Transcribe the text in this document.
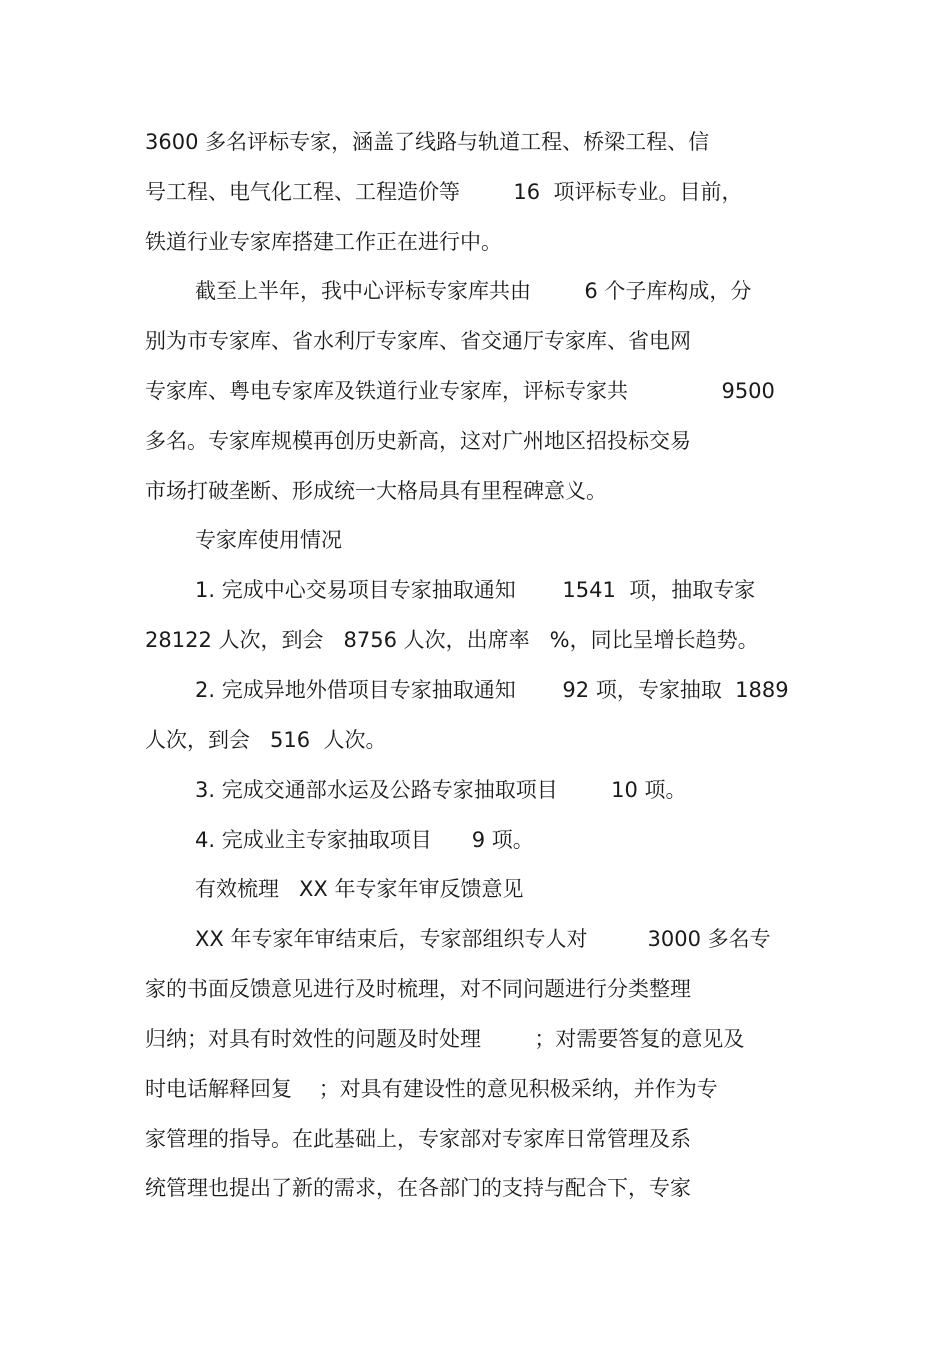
3600 多名评标专家，涵盖了线路与轨道工程、桥梁工程、信
号工程、电气化工程、工程造价等        16  项评标专业。目前，
铁道行业专家库搭建工作正在进行中。
截至上半年，我中心评标专家库共由        6 个子库构成，分
别为市专家库、省水利厅专家库、省交通厅专家库、省电网
专家库、粤电专家库及铁道行业专家库，评标专家共              9500
多名。专家库规模再创历史新高，这对广州地区招投标交易
市场打破垄断、形成统一大格局具有里程碑意义。
专家库使用情况
1. 完成中心交易项目专家抽取通知       1541  项，抽取专家
28122 人次，到会   8756 人次，出席率   %，同比呈增长趋势。
2. 完成异地外借项目专家抽取通知       92 项，专家抽取  1889
人次，到会   516  人次。
3. 完成交通部水运及公路专家抽取项目        10 项。
4. 完成业主专家抽取项目      9 项。
有效梳理   XX 年专家年审反馈意见
XX 年专家年审结束后，专家部组织专人对         3000 多名专
家的书面反馈意见进行及时梳理，对不同问题进行分类整理
归纳；对具有时效性的问题及时处理        ；对需要答复的意见及
时电话解释回复    ；对具有建设性的意见积极采纳，并作为专
家管理的指导。在此基础上，专家部对专家库日常管理及系
统管理也提出了新的需求，在各部门的支持与配合下，专家
